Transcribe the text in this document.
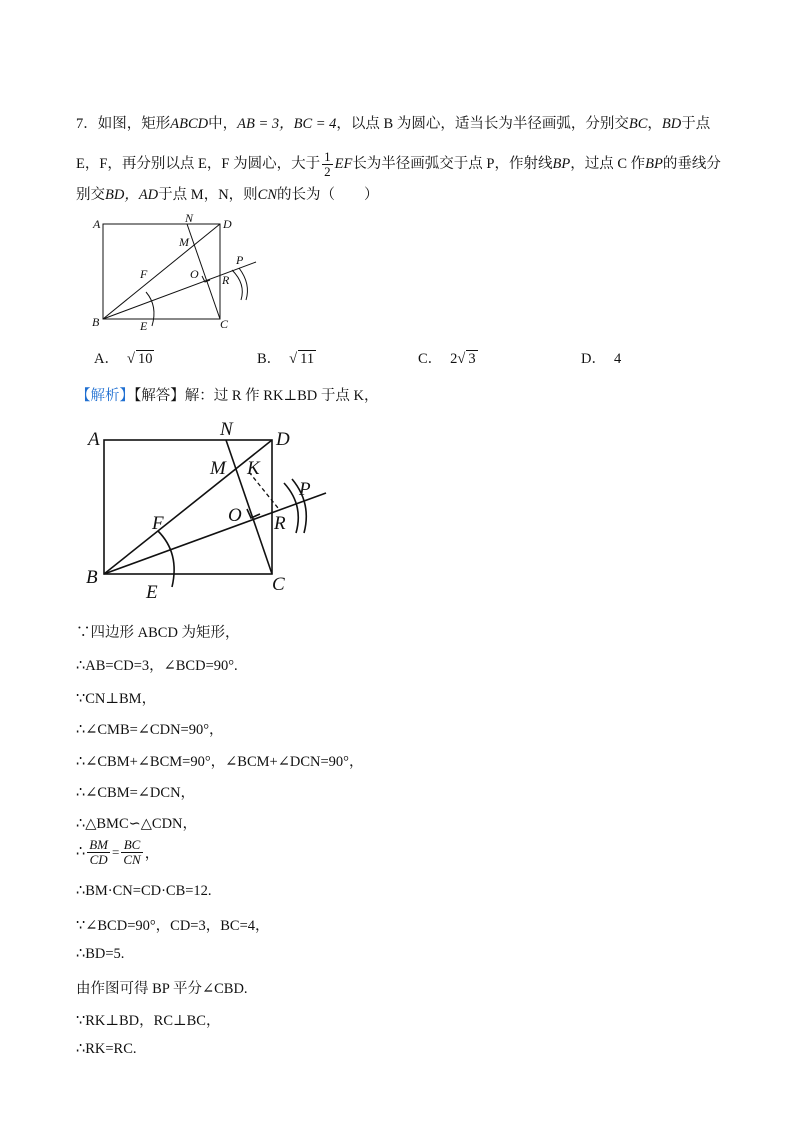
7．如图，矩形ABCD中，AB = 3，BC = 4，以点 B 为圆心，适当长为半径画弧，分别交BC，BD于点
E，F，再分别以点 E，F 为圆心，大于 $\frac{1}{2}$ EF长为半径画弧交于点 P，作射线BP，过点 C 作BP的垂线分
别交BD，AD于点 M，N，则CN的长为（　　）
A
B	C
D
N
M
F	O R
P
E
A． √ 10	B． √ 11	C． 2√ 3	D． 4
【解析】【解答】解：过 R 作 RK⊥BD 于点 K，
A
B	C
D
N
M K
F	O R
P
E
∵四边形 ABCD 为矩形，
∴AB=CD=3，∠BCD=90°.
∵CN⊥BM，
∴∠CMB=∠CDN=90°，
∴∠CBM+∠BCM=90°，∠BCM+∠DCN=90°，
∴∠CBM=∠DCN，
∴△BMC∽△CDN，
∴ $\frac{BM}{CD} = \frac{BC}{CN}$ ，
∴BM·CN=CD·CB=12.
∵∠BCD=90°，CD=3，BC=4，
∴BD=5.
由作图可得 BP 平分∠CBD.
∵RK⊥BD，RC⊥BC，
∴RK=RC.
